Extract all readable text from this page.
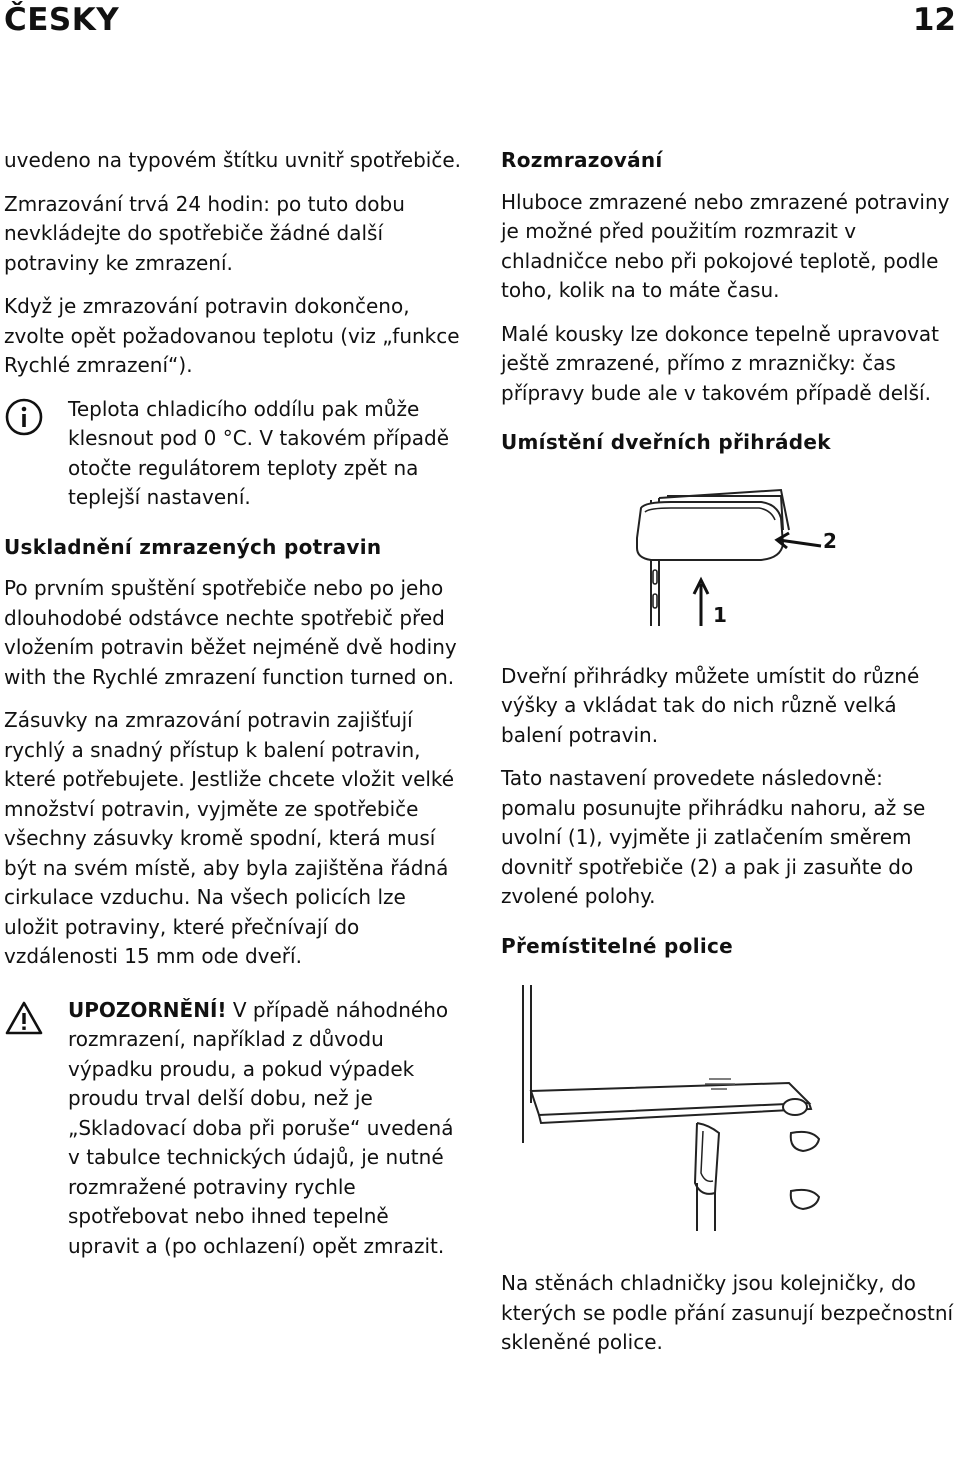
ČESKY	12

uvedeno na typovém štítku uvnitř spotřebiče.

Zmrazování trvá 24 hodin: po tuto dobu nevkládejte do spotřebiče žádné další potraviny ke zmrazení.

Když je zmrazování potravin dokončeno, zvolte opět požadovanou teplotu (viz „funkce Rychlé zmrazení“).

Teplota chladicího oddílu pak může klesnout pod 0 °C. V takovém případě otočte regulátorem teploty zpět na teplejší nastavení.
Uskladnění zmrazených potravin

Po prvním spuštění spotřebiče nebo po jeho dlouhodobé odstávce nechte spotřebič před vložením potravin běžet nejméně dvě hodiny with the Rychlé zmrazení function turned on.

Zásuvky na zmrazování potravin zajišťují rychlý a snadný přístup k balení potravin, které potřebujete. Jestliže chcete vložit velké množství potravin, vyjměte ze spotřebiče všechny zásuvky kromě spodní, která musí být na svém místě, aby byla zajištěna řádná cirkulace vzduchu. Na všech policích lze uložit potraviny, které přečnívají do vzdálenosti 15 mm ode dveří.

UPOZORNĚNÍ! V případě náhodného rozmrazení, například z důvodu výpadku proudu, a pokud výpadek proudu trval delší dobu, než je „Skladovací doba při poruše“ uvedená v tabulce technických údajů, je nutné rozmražené potraviny rychle spotřebovat nebo ihned tepelně upravit a (po ochlazení) opět zmrazit.
Rozmrazování

Hluboce zmrazené nebo zmrazené potraviny je možné před použitím rozmrazit v chladničce nebo při pokojové teplotě, podle toho, kolik na to máte času.

Malé kousky lze dokonce tepelně upravovat ještě zmrazené, přímo z mrazničky: čas přípravy bude ale v takovém případě delší.

Umístění dveřních přihrádek
1
2

Dveřní přihrádky můžete umístit do různé výšky a vkládat tak do nich různě velká balení potravin.

Tato nastavení provedete následovně: pomalu posunujte přihrádku nahoru, až se uvolní (1), vyjměte ji zatlačením směrem dovnitř spotřebiče (2) a pak ji zasuňte do zvolené polohy.

Přemístitelné police

Na stěnách chladničky jsou kolejničky, do kterých se podle přání zasunují bezpečnostní skleněné police.
